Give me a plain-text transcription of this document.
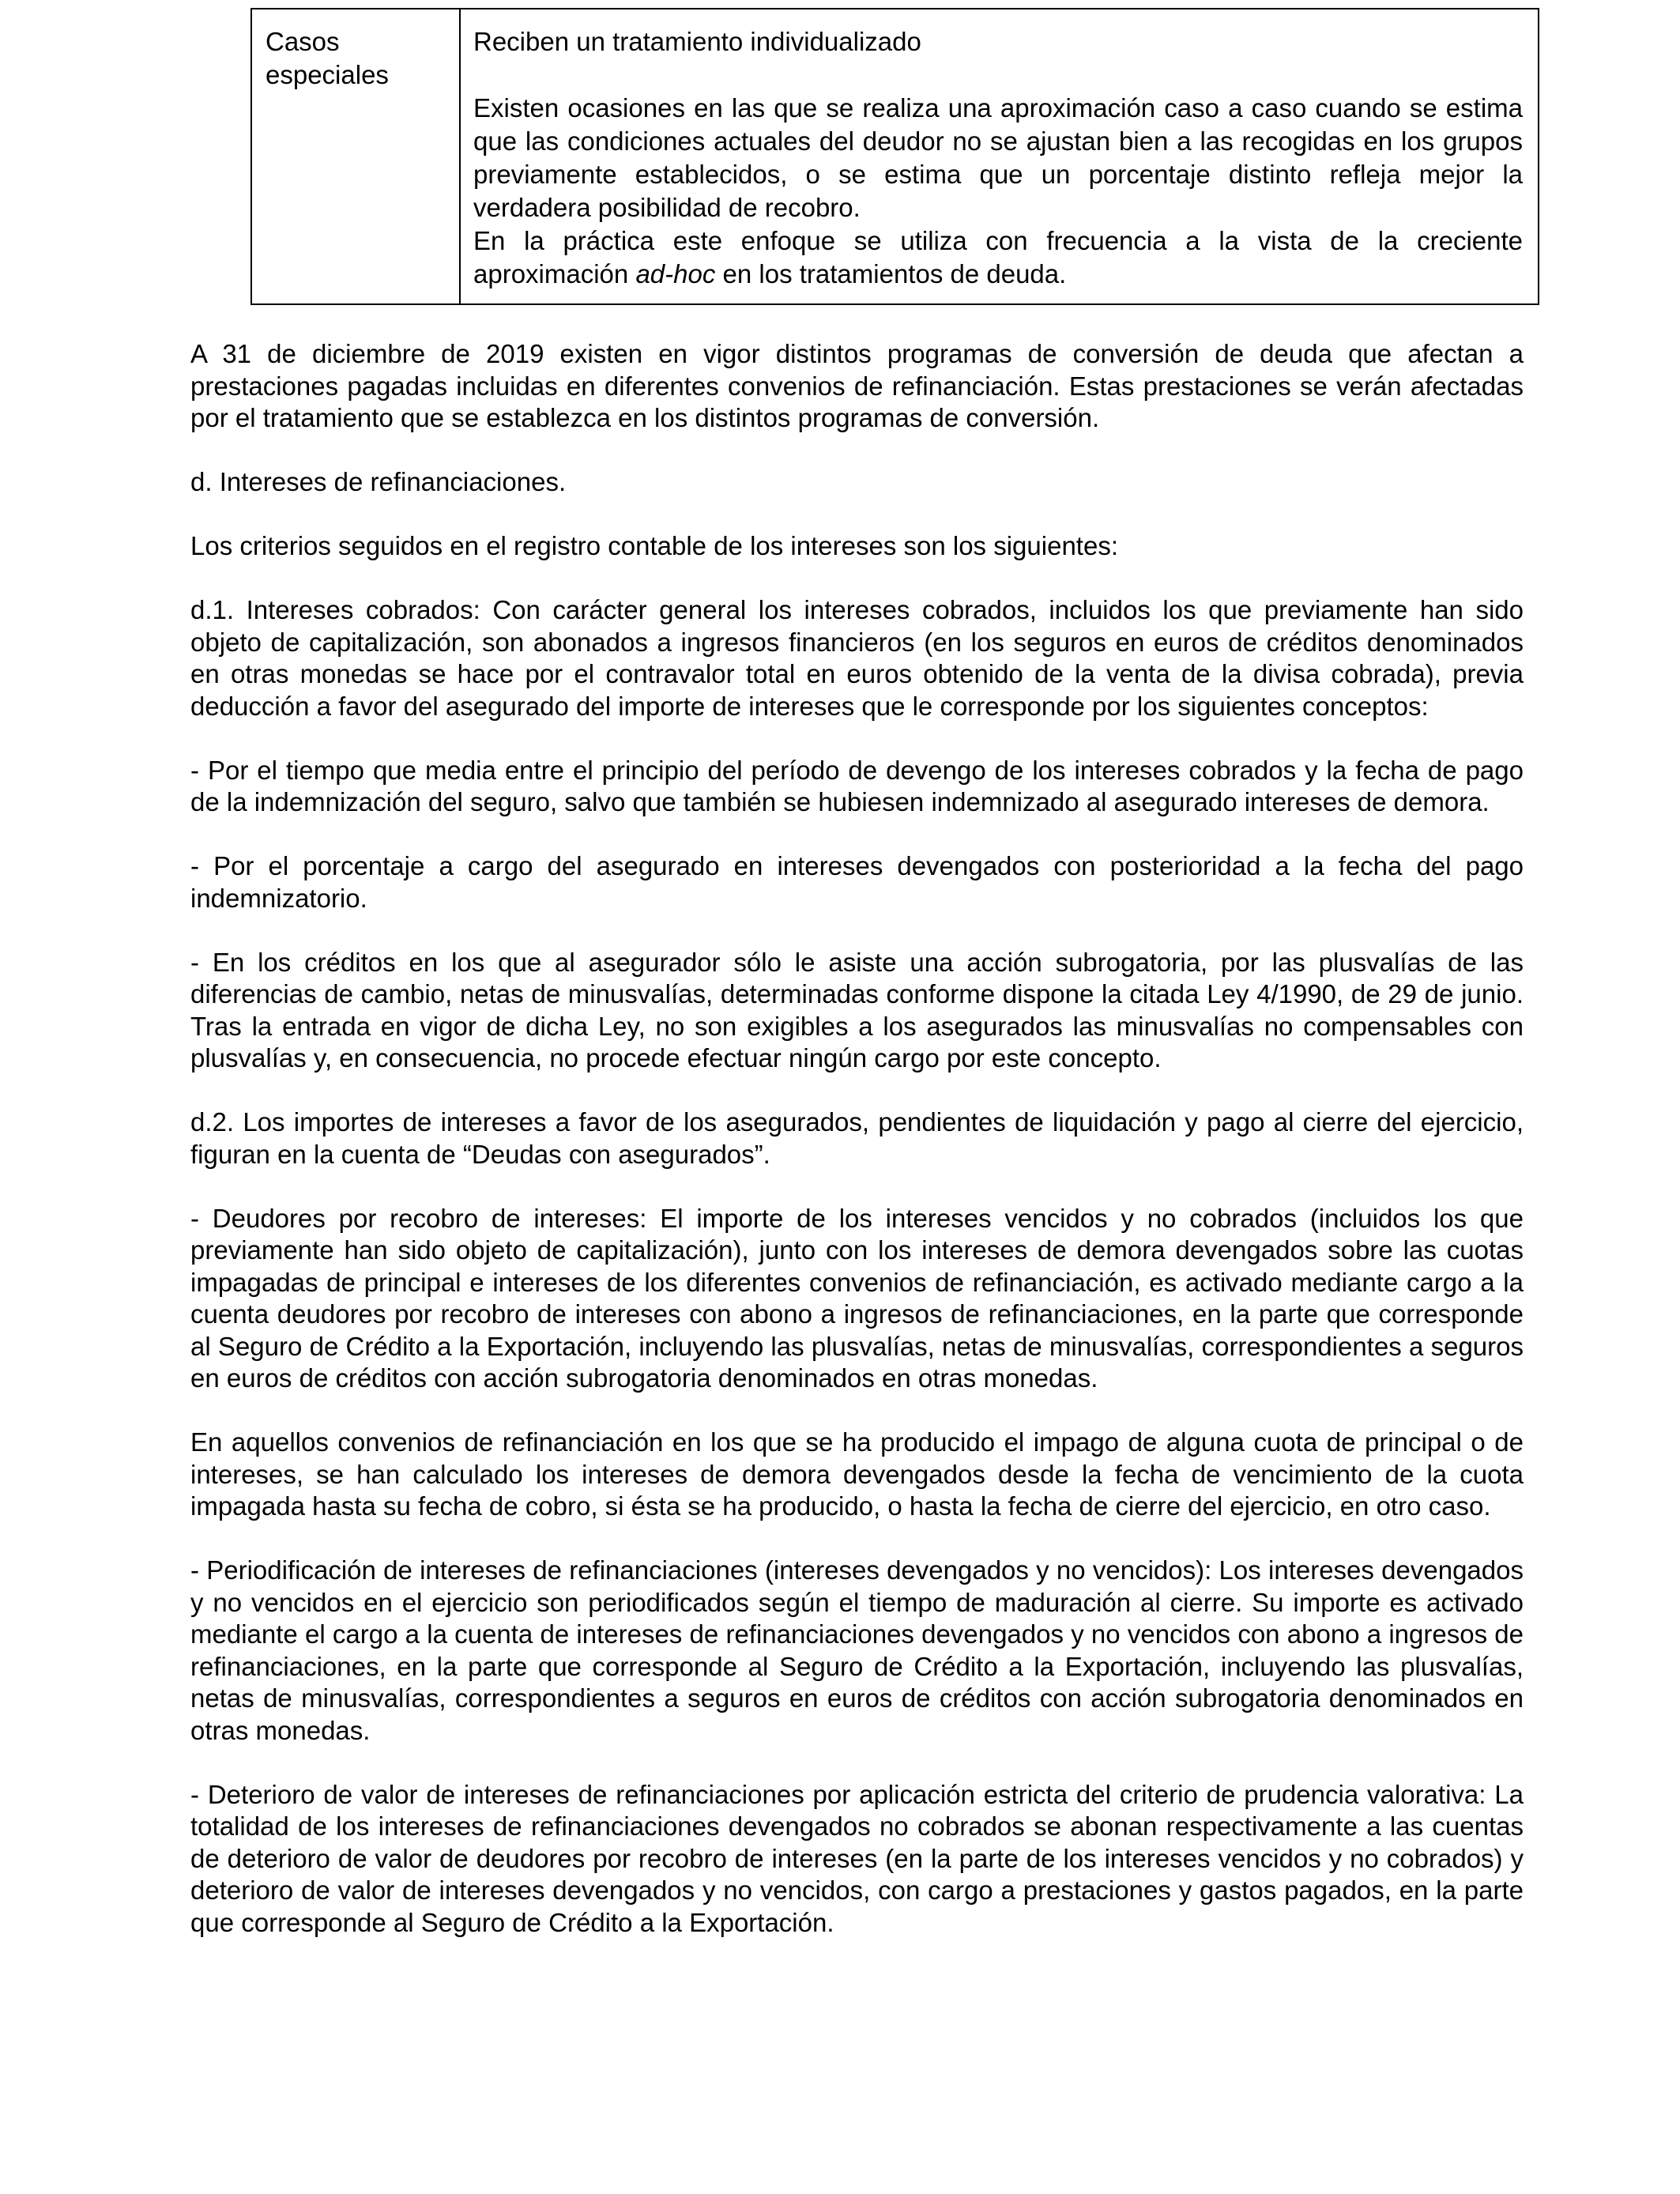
Casos especiales

Reciben un tratamiento individualizado

Existen ocasiones en las que se realiza una aproximación caso a caso cuando se estima que las condiciones actuales del deudor no se ajustan bien a las recogidas en los grupos previamente establecidos, o se estima que un porcentaje distinto refleja mejor la verdadera posibilidad de recobro.

En la práctica este enfoque se utiliza con frecuencia a la vista de la creciente aproximación ad-hoc en los tratamientos de deuda.

A 31 de diciembre de 2019 existen en vigor distintos programas de conversión de deuda que afectan a prestaciones pagadas incluidas en diferentes convenios de refinanciación. Estas prestaciones se verán afectadas por el tratamiento que se establezca en los distintos programas de conversión.

d. Intereses de refinanciaciones.

Los criterios seguidos en el registro contable de los intereses son los siguientes:

d.1. Intereses cobrados: Con carácter general los intereses cobrados, incluidos los que previamente han sido objeto de capitalización, son abonados a ingresos financieros (en los seguros en euros de créditos denominados en otras monedas se hace por el contravalor total en euros obtenido de la venta de la divisa cobrada), previa deducción a favor del asegurado del importe de intereses que le corresponde por los siguientes conceptos:

- Por el tiempo que media entre el principio del período de devengo de los intereses cobrados y la fecha de pago de la indemnización del seguro, salvo que también se hubiesen indemnizado al asegurado intereses de demora.

- Por el porcentaje a cargo del asegurado en intereses devengados con posterioridad a la fecha del pago indemnizatorio.

- En los créditos en los que al asegurador sólo le asiste una acción subrogatoria, por las plusvalías de las diferencias de cambio, netas de minusvalías, determinadas conforme dispone la citada Ley 4/1990, de 29 de junio. Tras la entrada en vigor de dicha Ley, no son exigibles a los asegurados las minusvalías no compensables con plusvalías y, en consecuencia, no procede efectuar ningún cargo por este concepto.

d.2. Los importes de intereses a favor de los asegurados, pendientes de liquidación y pago al cierre del ejercicio, figuran en la cuenta de “Deudas con asegurados”.

- Deudores por recobro de intereses: El importe de los intereses vencidos y no cobrados (incluidos los que previamente han sido objeto de capitalización), junto con los intereses de demora devengados sobre las cuotas impagadas de principal e intereses de los diferentes convenios de refinanciación, es activado mediante cargo a la cuenta deudores por recobro de intereses con abono a ingresos de refinanciaciones, en la parte que corresponde al Seguro de Crédito a la Exportación, incluyendo las plusvalías, netas de minusvalías, correspondientes a seguros en euros de créditos con acción subrogatoria denominados en otras monedas.

En aquellos convenios de refinanciación en los que se ha producido el impago de alguna cuota de principal o de intereses, se han calculado los intereses de demora devengados desde la fecha de vencimiento de la cuota impagada hasta su fecha de cobro, si ésta se ha producido, o hasta la fecha de cierre del ejercicio, en otro caso.

- Periodificación de intereses de refinanciaciones (intereses devengados y no vencidos): Los intereses devengados y no vencidos en el ejercicio son periodificados según el tiempo de maduración al cierre. Su importe es activado mediante el cargo a la cuenta de intereses de refinanciaciones devengados y no vencidos con abono a ingresos de refinanciaciones, en la parte que corresponde al Seguro de Crédito a la Exportación, incluyendo las plusvalías, netas de minusvalías, correspondientes a seguros en euros de créditos con acción subrogatoria denominados en otras monedas.

- Deterioro de valor de intereses de refinanciaciones por aplicación estricta del criterio de prudencia valorativa: La totalidad de los intereses de refinanciaciones devengados no cobrados se abonan respectivamente a las cuentas de deterioro de valor de deudores por recobro de intereses (en la parte de los intereses vencidos y no cobrados) y deterioro de valor de intereses devengados y no vencidos, con cargo a prestaciones y gastos pagados, en la parte que corresponde al Seguro de Crédito a la Exportación.
